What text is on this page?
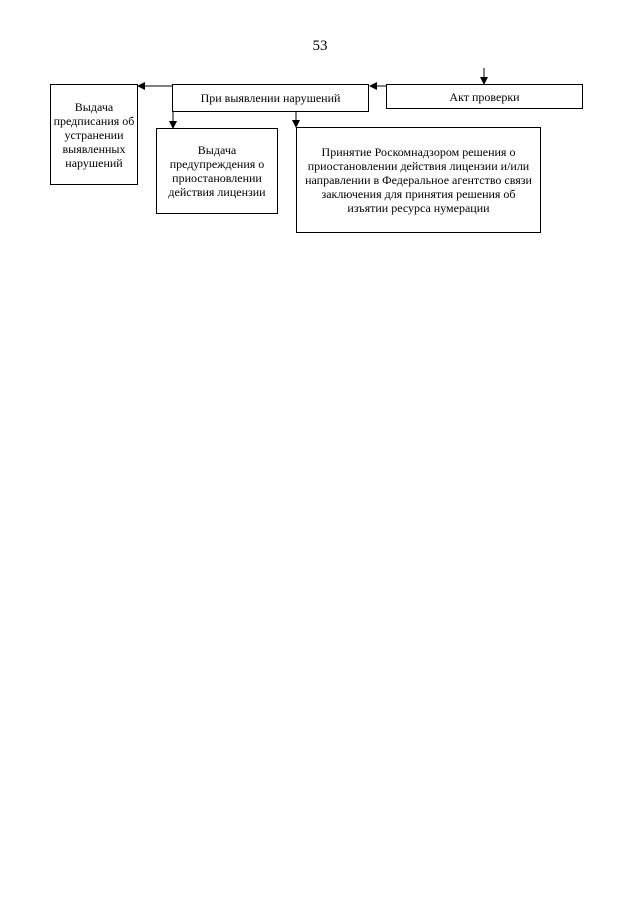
53
Акт проверки
При выявлении нарушений
Выдача предписания об устранении выявленных нарушений
Выдача предупреждения о приостановлении действия лицензии
Принятие Роскомнадзором решения о приостановлении действия лицензии и/или направлении в Федеральное агентство связи заключения для принятия решения об изъятии ресурса нумерации
